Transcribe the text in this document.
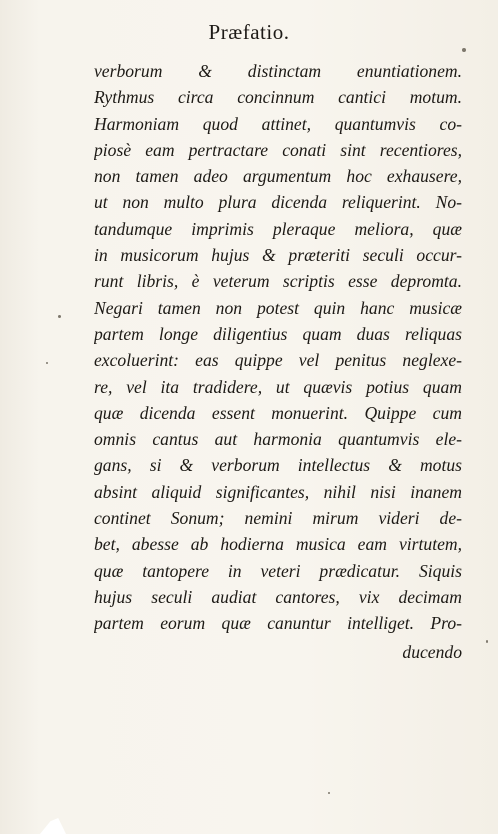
Præfatio.
verborum & distinctam enuntiationem.
Rythmus circa concinnum cantici motum.
Harmoniam quod attinet, quantumvis co-
piosè eam pertractare conati sint recentiores,
non tamen adeo argumentum hoc exhausere,
ut non multo plura dicenda reliquerint. No-
tandumque imprimis pleraque meliora, quæ
in musicorum hujus & præteriti seculi occur-
runt libris, è veterum scriptis esse depromta.
Negari tamen non potest quin hanc musicæ
partem longe diligentius quam duas reliquas
excoluerint: eas quippe vel penitus neglexe-
re, vel ita tradidere, ut quævis potius quam
quæ dicenda essent monuerint. Quippe cum
omnis cantus aut harmonia quantumvis ele-
gans, si & verborum intellectus & motus
absint aliquid significantes, nihil nisi inanem
continet Sonum; nemini mirum videri de-
bet, abesse ab hodierna musica eam virtutem,
quæ tantopere in veteri prædicatur. Siquis
hujus seculi audiat cantores, vix decimam
partem eorum quæ canuntur intelliget. Pro-
ducendo
